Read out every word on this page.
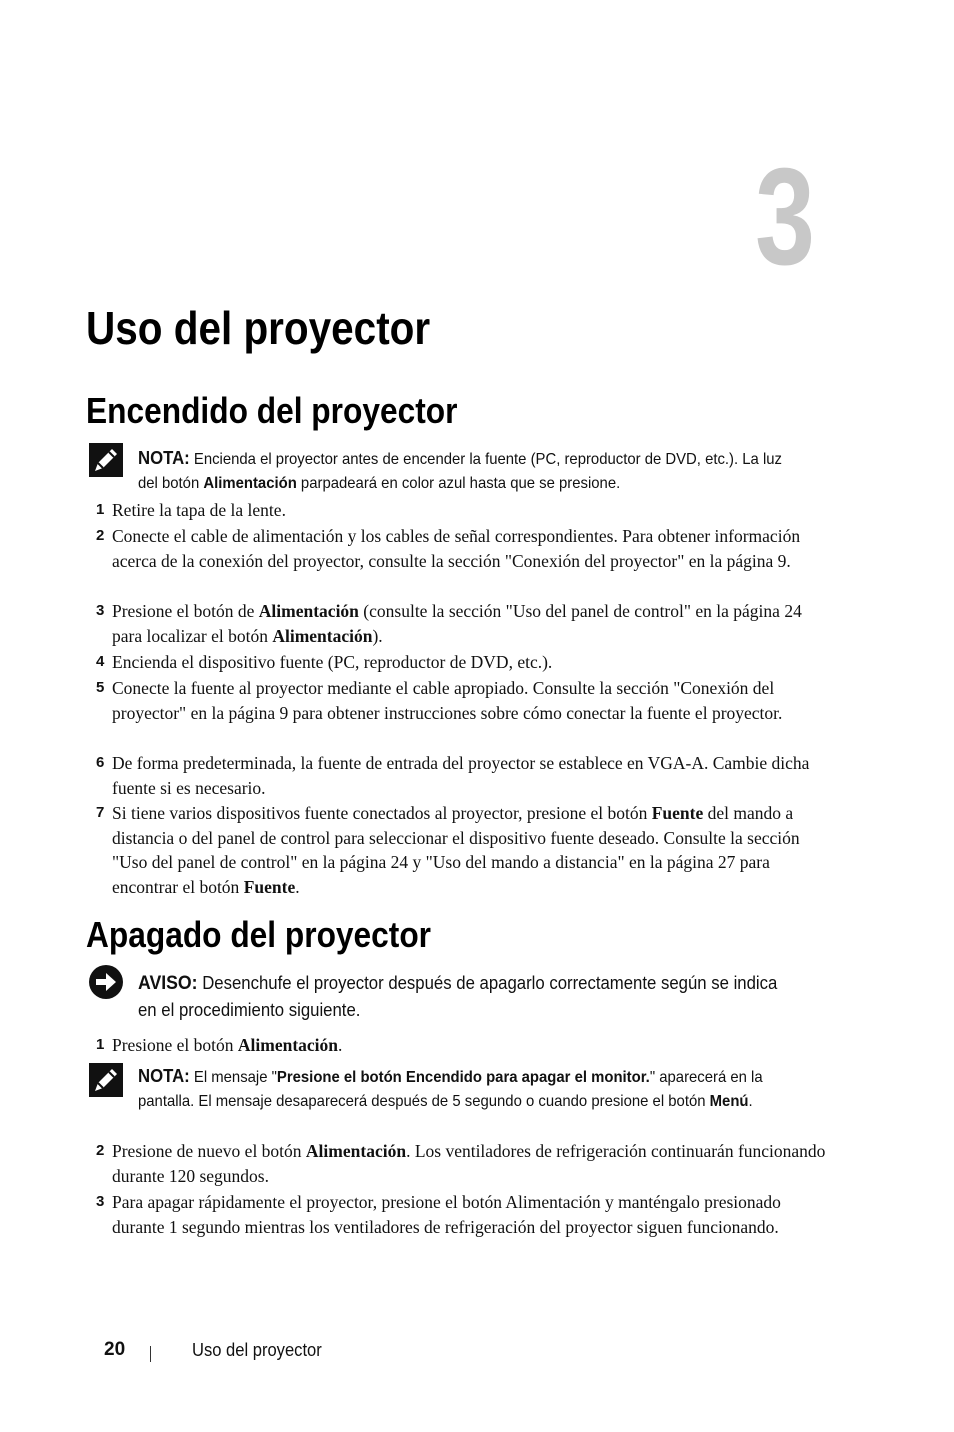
3
Uso del proyector
Encendido del proyector
NOTA: Encienda el proyector antes de encender la fuente (PC, reproductor de DVD, etc.). La luz del botón Alimentación parpadeará en color azul hasta que se presione.
1 Retire la tapa de la lente.
2 Conecte el cable de alimentación y los cables de señal correspondientes. Para obtener información acerca de la conexión del proyector, consulte la sección "Conexión del proyector" en la página 9.
3 Presione el botón de Alimentación (consulte la sección "Uso del panel de control" en la página 24 para localizar el botón Alimentación).
4 Encienda el dispositivo fuente (PC, reproductor de DVD, etc.).
5 Conecte la fuente al proyector mediante el cable apropiado. Consulte la sección "Conexión del proyector" en la página 9 para obtener instrucciones sobre cómo conectar la fuente el proyector.
6 De forma predeterminada, la fuente de entrada del proyector se establece en VGA-A. Cambie dicha fuente si es necesario.
7 Si tiene varios dispositivos fuente conectados al proyector, presione el botón Fuente del mando a distancia o del panel de control para seleccionar el dispositivo fuente deseado. Consulte la sección "Uso del panel de control" en la página 24 y "Uso del mando a distancia" en la página 27 para encontrar el botón Fuente.
Apagado del proyector
AVISO: Desenchufe el proyector después de apagarlo correctamente según se indica en el procedimiento siguiente.
1 Presione el botón Alimentación.
NOTA: El mensaje "Presione el botón Encendido para apagar el monitor." aparecerá en la pantalla. El mensaje desaparecerá después de 5 segundo o cuando presione el botón Menú.
2 Presione de nuevo el botón Alimentación. Los ventiladores de refrigeración continuarán funcionando durante 120 segundos.
3 Para apagar rápidamente el proyector, presione el botón Alimentación y manténgalo presionado durante 1 segundo mientras los ventiladores de refrigeración del proyector siguen funcionando.
20	Uso del proyector
